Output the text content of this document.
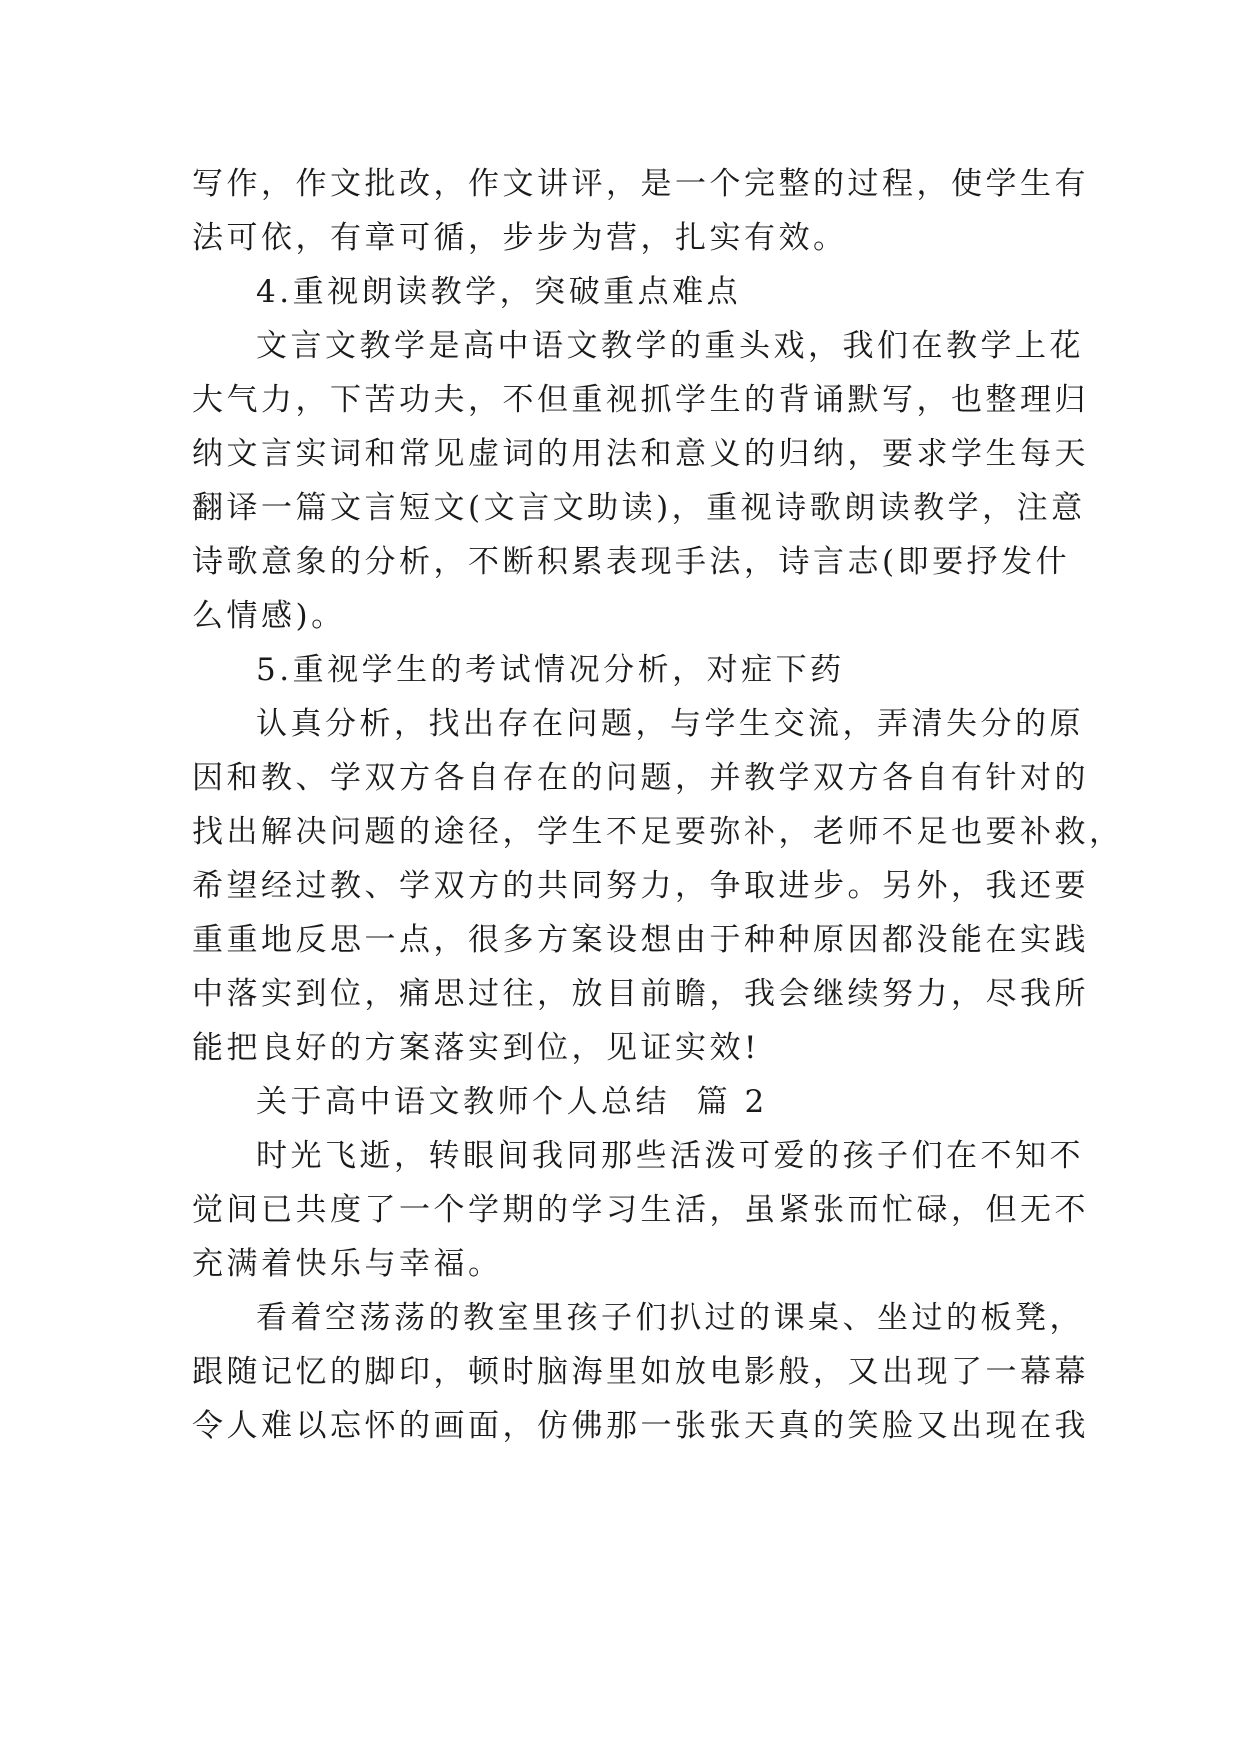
写作，作文批改，作文讲评，是一个完整的过程，使学生有
法可依，有章可循，步步为营，扎实有效。
4.重视朗读教学，突破重点难点
文言文教学是高中语文教学的重头戏，我们在教学上花
大气力，下苦功夫，不但重视抓学生的背诵默写，也整理归
纳文言实词和常见虚词的用法和意义的归纳，要求学生每天
翻译一篇文言短文(文言文助读)，重视诗歌朗读教学，注意
诗歌意象的分析，不断积累表现手法，诗言志(即要抒发什
么情感)。
5.重视学生的考试情况分析，对症下药
认真分析，找出存在问题，与学生交流，弄清失分的原
因和教、学双方各自存在的问题，并教学双方各自有针对的
找出解决问题的途径，学生不足要弥补，老师不足也要补救，
希望经过教、学双方的共同努力，争取进步。另外，我还要
重重地反思一点，很多方案设想由于种种原因都没能在实践
中落实到位，痛思过往，放目前瞻，我会继续努力，尽我所
能把良好的方案落实到位，见证实效!
关于高中语文教师个人总结  篇 2
时光飞逝，转眼间我同那些活泼可爱的孩子们在不知不
觉间已共度了一个学期的学习生活，虽紧张而忙碌，但无不
充满着快乐与幸福。
看着空荡荡的教室里孩子们扒过的课桌、坐过的板凳，
跟随记忆的脚印，顿时脑海里如放电影般，又出现了一幕幕
令人难以忘怀的画面，仿佛那一张张天真的笑脸又出现在我
